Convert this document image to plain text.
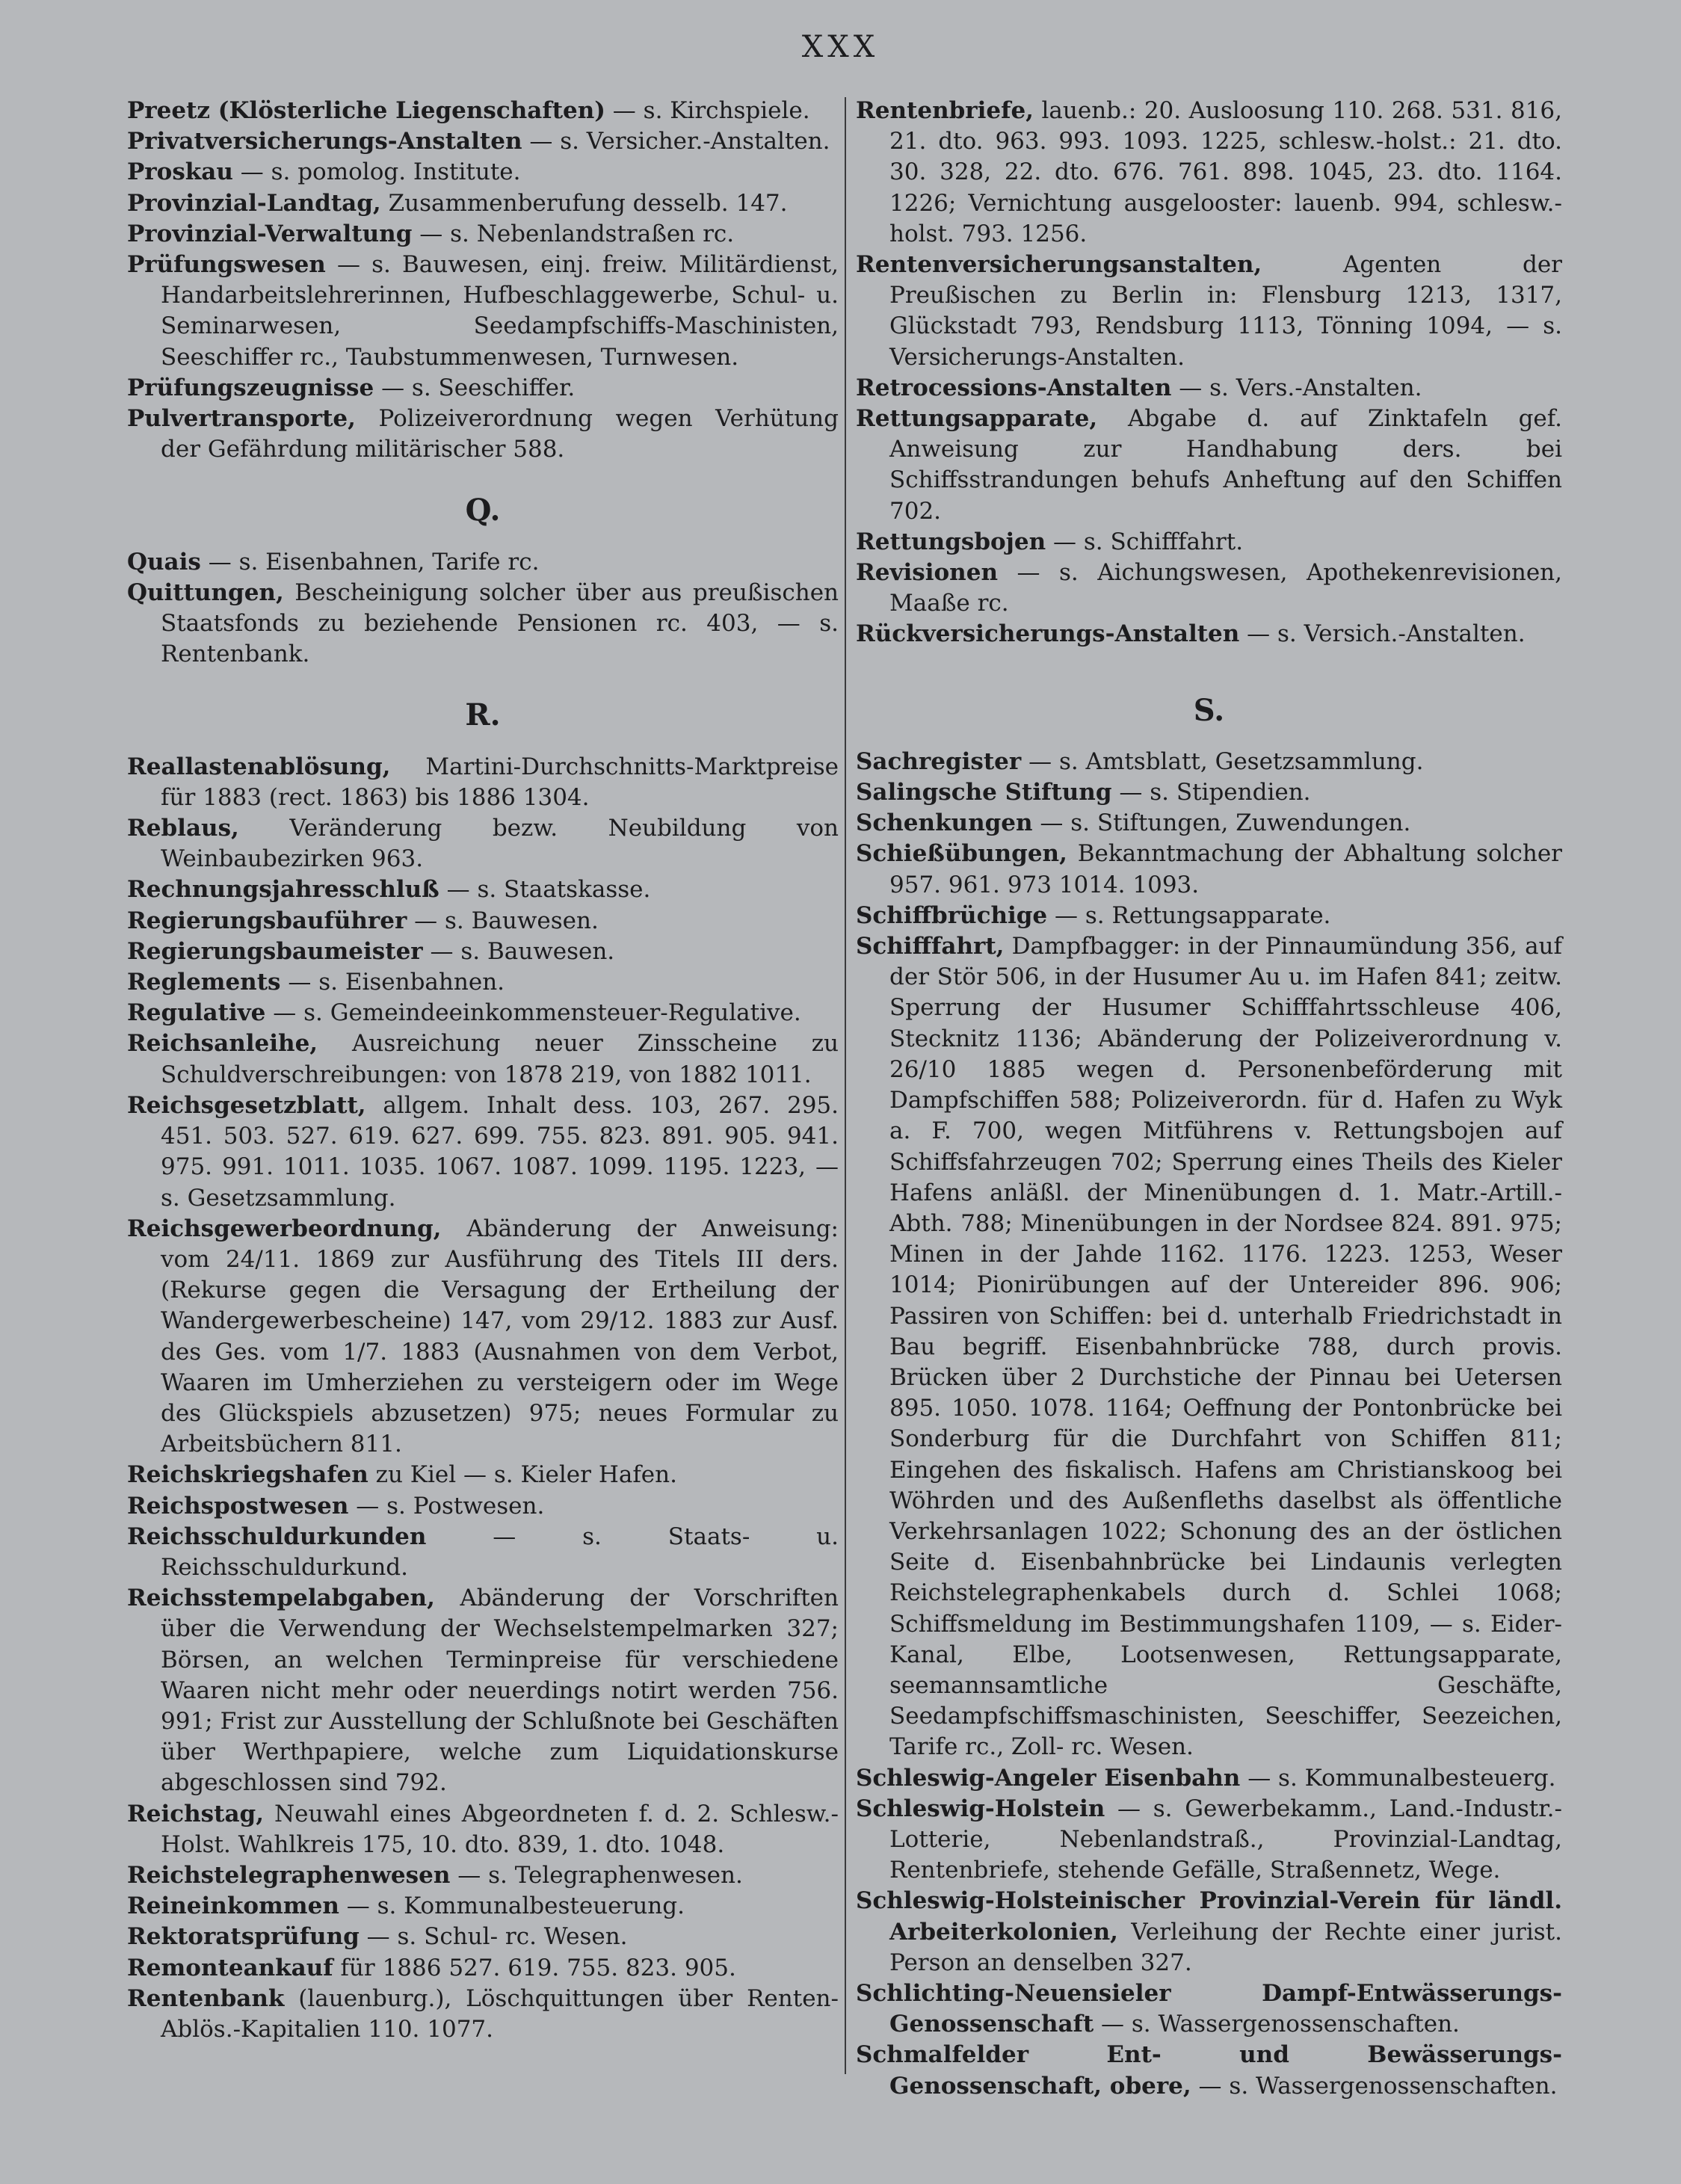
XXX

Preetz (Klösterliche Liegenschaften) — s. Kirchspiele.

Privatversicherungs-Anstalten — s. Versicher.-Anstalten.

Proskau — s. pomolog. Institute.

Provinzial-Landtag, Zusammenberufung desselb. 147.

Provinzial-Verwaltung — s. Nebenlandstraßen rc.

Prüfungswesen — s. Bauwesen, einj. freiw. Militärdienst, Handarbeitslehrerinnen, Hufbeschlaggewerbe, Schul- u. Seminarwesen, Seedampfschiffs-Maschinisten, Seeschiffer rc., Taubstummenwesen, Turnwesen.

Prüfungszeugnisse — s. Seeschiffer.

Pulvertransporte, Polizeiverordnung wegen Verhütung der Gefährdung militärischer 588.

Q.

Quais — s. Eisenbahnen, Tarife rc.

Quittungen, Bescheinigung solcher über aus preußischen Staatsfonds zu beziehende Pensionen rc. 403, — s. Rentenbank.

R.

Reallastenablösung, Martini-Durchschnitts-Marktpreise für 1883 (rect. 1863) bis 1886 1304.

Reblaus, Veränderung bezw. Neubildung von Weinbaubezirken 963.

Rechnungsjahresschluß — s. Staatskasse.

Regierungsbauführer — s. Bauwesen.

Regierungsbaumeister — s. Bauwesen.

Reglements — s. Eisenbahnen.

Regulative — s. Gemeindeeinkommensteuer-Regulative.

Reichsanleihe, Ausreichung neuer Zinsscheine zu Schuldverschreibungen: von 1878 219, von 1882 1011.

Reichsgesetzblatt, allgem. Inhalt dess. 103, 267. 295. 451. 503. 527. 619. 627. 699. 755. 823. 891. 905. 941. 975. 991. 1011. 1035. 1067. 1087. 1099. 1195. 1223, — s. Gesetzsammlung.

Reichsgewerbeordnung, Abänderung der Anweisung: vom 24/11. 1869 zur Ausführung des Titels III ders. (Rekurse gegen die Versagung der Ertheilung der Wandergewerbescheine) 147, vom 29/12. 1883 zur Ausf. des Ges. vom 1/7. 1883 (Ausnahmen von dem Verbot, Waaren im Umherziehen zu versteigern oder im Wege des Glückspiels abzusetzen) 975; neues Formular zu Arbeitsbüchern 811.

Reichskriegshafen zu Kiel — s. Kieler Hafen.

Reichspostwesen — s. Postwesen.

Reichsschuldurkunden — s. Staats- u. Reichsschuldurkund.

Reichsstempelabgaben, Abänderung der Vorschriften über die Verwendung der Wechselstempelmarken 327; Börsen, an welchen Terminpreise für verschiedene Waaren nicht mehr oder neuerdings notirt werden 756. 991; Frist zur Ausstellung der Schlußnote bei Geschäften über Werthpapiere, welche zum Liquidationskurse abgeschlossen sind 792.

Reichstag, Neuwahl eines Abgeordneten f. d. 2. Schlesw.-Holst. Wahlkreis 175, 10. dto. 839, 1. dto. 1048.

Reichstelegraphenwesen — s. Telegraphenwesen.

Reineinkommen — s. Kommunalbesteuerung.

Rektoratsprüfung — s. Schul- rc. Wesen.

Remonteankauf für 1886 527. 619. 755. 823. 905.

Rentenbank (lauenburg.), Löschquittungen über Renten-Ablös.-Kapitalien 110. 1077.

Rentenbriefe, lauenb.: 20. Ausloosung 110. 268. 531. 816, 21. dto. 963. 993. 1093. 1225, schlesw.-holst.: 21. dto. 30. 328, 22. dto. 676. 761. 898. 1045, 23. dto. 1164. 1226; Vernichtung ausgelooster: lauenb. 994, schlesw.-holst. 793. 1256.

Rentenversicherungsanstalten, Agenten der Preußischen zu Berlin in: Flensburg 1213, 1317, Glückstadt 793, Rendsburg 1113, Tönning 1094, — s. Versicherungs-Anstalten.

Retrocessions-Anstalten — s. Vers.-Anstalten.

Rettungsapparate, Abgabe d. auf Zinktafeln gef. Anweisung zur Handhabung ders. bei Schiffsstrandungen behufs Anheftung auf den Schiffen 702.

Rettungsbojen — s. Schifffahrt.

Revisionen — s. Aichungswesen, Apothekenrevisionen, Maaße rc.

Rückversicherungs-Anstalten — s. Versich.-Anstalten.

S.

Sachregister — s. Amtsblatt, Gesetzsammlung.

Salingsche Stiftung — s. Stipendien.

Schenkungen — s. Stiftungen, Zuwendungen.

Schießübungen, Bekanntmachung der Abhaltung solcher 957. 961. 973 1014. 1093.

Schiffbrüchige — s. Rettungsapparate.

Schifffahrt, Dampfbagger: in der Pinnaumündung 356, auf der Stör 506, in der Husumer Au u. im Hafen 841; zeitw. Sperrung der Husumer Schifffahrtsschleuse 406, Stecknitz 1136; Abänderung der Polizeiverordnung v. 26/10 1885 wegen d. Personenbeförderung mit Dampfschiffen 588; Polizeiverordn. für d. Hafen zu Wyk a. F. 700, wegen Mitführens v. Rettungsbojen auf Schiffsfahrzeugen 702; Sperrung eines Theils des Kieler Hafens anläßl. der Minenübungen d. 1. Matr.-Artill.-Abth. 788; Minenübungen in der Nordsee 824. 891. 975; Minen in der Jahde 1162. 1176. 1223. 1253, Weser 1014; Pionirübungen auf der Untereider 896. 906; Passiren von Schiffen: bei d. unterhalb Friedrichstadt in Bau begriff. Eisenbahnbrücke 788, durch provis. Brücken über 2 Durchstiche der Pinnau bei Uetersen 895. 1050. 1078. 1164; Oeffnung der Pontonbrücke bei Sonderburg für die Durchfahrt von Schiffen 811; Eingehen des fiskalisch. Hafens am Christianskoog bei Wöhrden und des Außenfleths daselbst als öffentliche Verkehrsanlagen 1022; Schonung des an der östlichen Seite d. Eisenbahnbrücke bei Lindaunis verlegten Reichstelegraphenkabels durch d. Schlei 1068; Schiffsmeldung im Bestimmungshafen 1109, — s. Eider-Kanal, Elbe, Lootsenwesen, Rettungsapparate, seemannsamtliche Geschäfte, Seedampfschiffsmaschinisten, Seeschiffer, Seezeichen, Tarife rc., Zoll- rc. Wesen.

Schleswig-Angeler Eisenbahn — s. Kommunalbesteuerg.

Schleswig-Holstein — s. Gewerbekamm., Land.-Industr.-Lotterie, Nebenlandstraß., Provinzial-Landtag, Rentenbriefe, stehende Gefälle, Straßennetz, Wege.

Schleswig-Holsteinischer Provinzial-Verein für ländl. Arbeiterkolonien, Verleihung der Rechte einer jurist. Person an denselben 327.

Schlichting-Neuensieler Dampf-Entwässerungs-Genossenschaft — s. Wassergenossenschaften.

Schmalfelder Ent- und Bewässerungs-Genossenschaft, obere, — s. Wassergenossenschaften.
